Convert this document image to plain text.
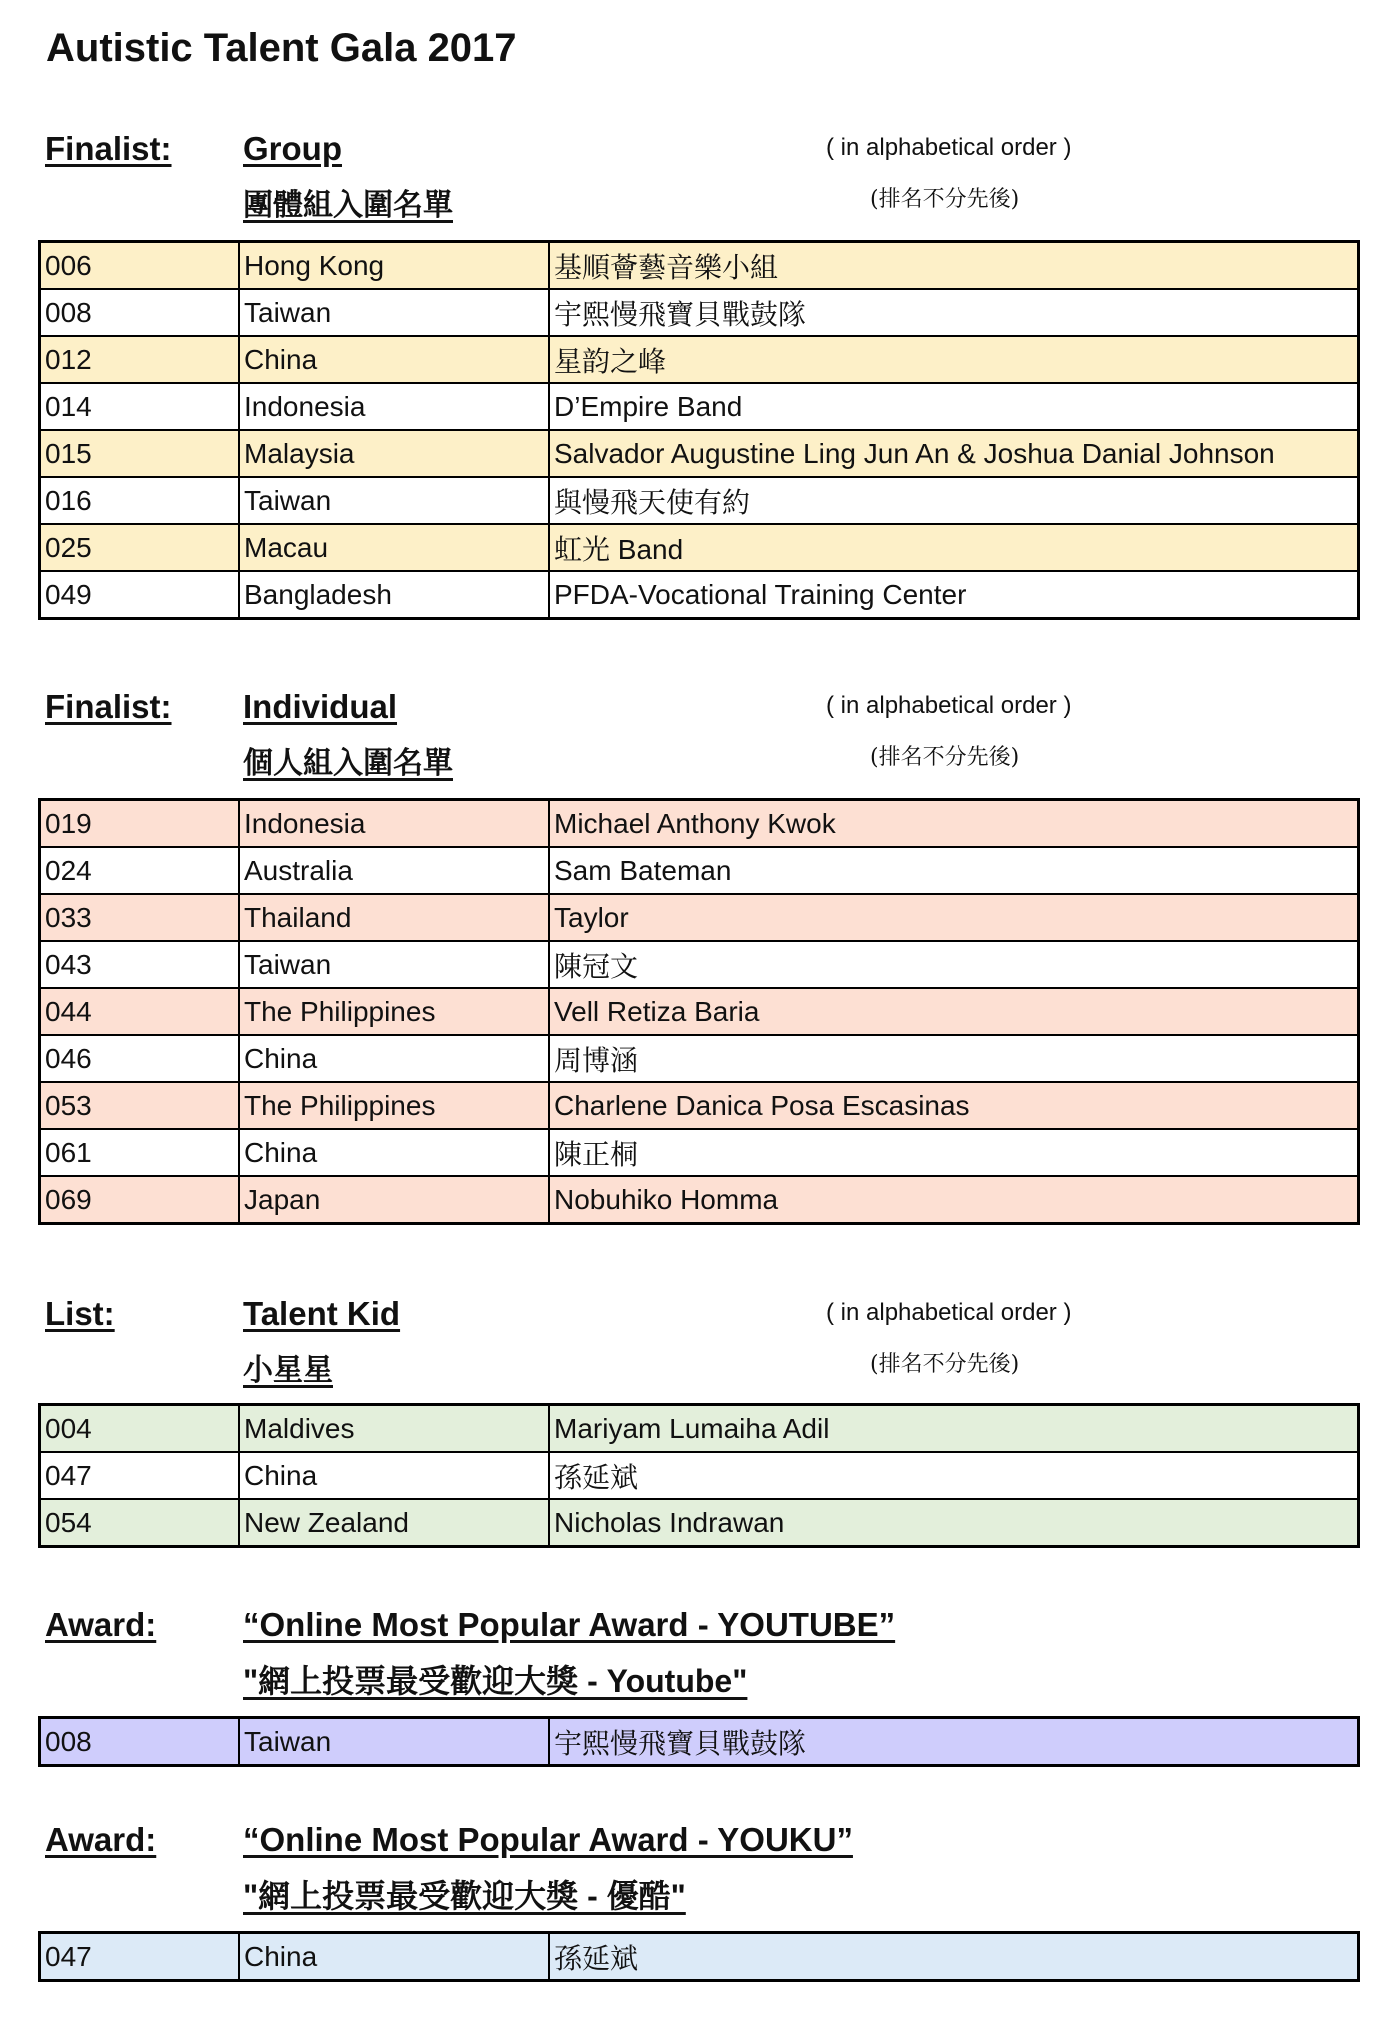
Autistic Talent Gala 2017
Finalist: Group
團體組入圍名單
( in alphabetical order )
(排名不分先後)
006	Hong Kong	基順薈藝音樂小組
008	Taiwan	宇熙慢飛寶貝戰鼓隊
012	China	星韵之峰
014	Indonesia	D’Empire Band
015	Malaysia	Salvador Augustine Ling Jun An & Joshua Danial Johnson
016	Taiwan	與慢飛天使有約
025	Macau	虹光 Band
049	Bangladesh	PFDA-Vocational Training Center
Finalist: Individual
個人組入圍名單
( in alphabetical order )
(排名不分先後)
019	Indonesia	Michael Anthony Kwok
024	Australia	Sam Bateman
033	Thailand	Taylor
043	Taiwan	陳冠文
044	The Philippines	Vell Retiza Baria
046	China	周博涵
053	The Philippines	Charlene Danica Posa Escasinas
061	China	陳正桐
069	Japan	Nobuhiko Homma
List:	Talent Kid
小星星
( in alphabetical order )
(排名不分先後)
004	Maldives	Mariyam Lumaiha Adil
047	China	孫延斌
054	New Zealand	Nicholas Indrawan
Award:	“Online Most Popular Award - YOUTUBE”
"網上投票最受歡迎大獎 - Youtube"
008	Taiwan	宇熙慢飛寶貝戰鼓隊
Award:	“Online Most Popular Award - YOUKU”
"網上投票最受歡迎大獎 - 優酷"
047	China	孫延斌
